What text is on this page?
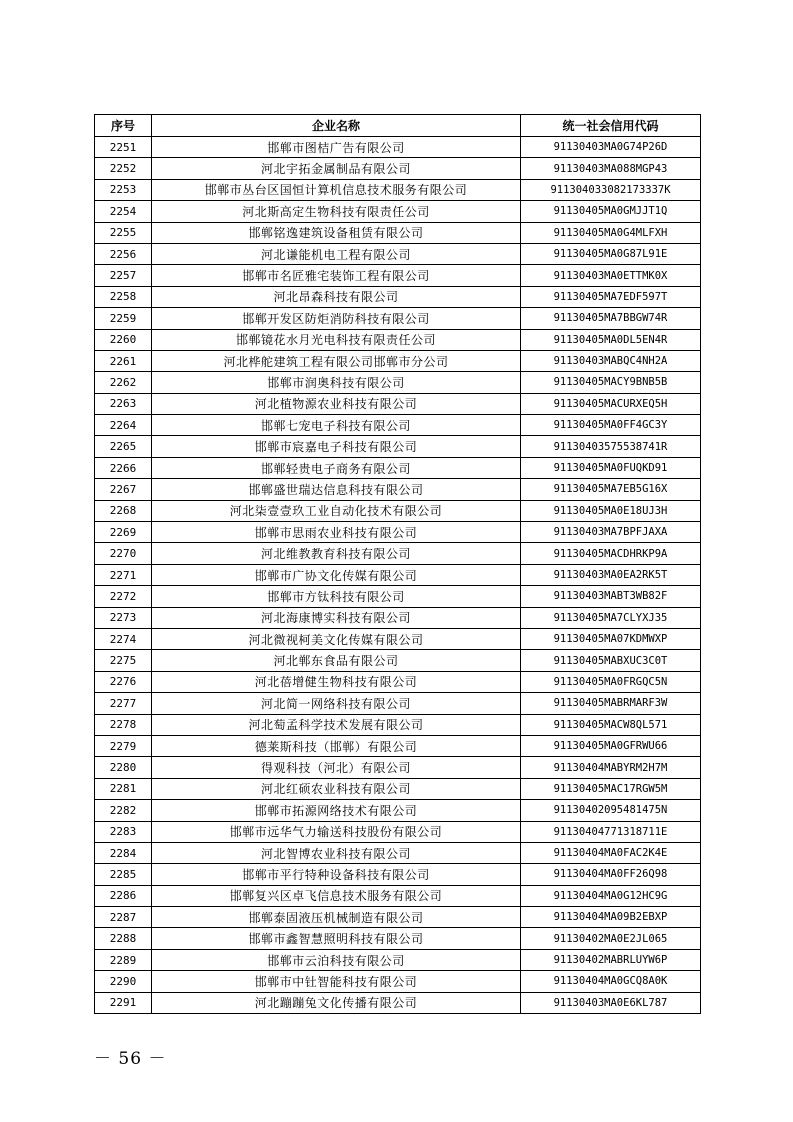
序号	企业名称	统一社会信用代码
2251	邯郸市图桔广告有限公司	91130403MA0G74P26D
2252	河北宇拓金属制品有限公司	91130403MA088MGP43
2253	邯郸市丛台区国恒计算机信息技术服务有限公司	911304033082173337K
2254	河北斯高定生物科技有限责任公司	91130405MA0GMJJT1Q
2255	邯郸铭逸建筑设备租赁有限公司	91130405MA0G4MLFXH
2256	河北谦能机电工程有限公司	91130405MA0G87L91E
2257	邯郸市名匠雅宅装饰工程有限公司	91130403MA0ETTMK0X
2258	河北昂森科技有限公司	91130405MA7EDF597T
2259	邯郸开发区防炬消防科技有限公司	91130405MA7BBGW74R
2260	邯郸镜花水月光电科技有限责任公司	91130405MA0DL5EN4R
2261	河北桦舵建筑工程有限公司邯郸市分公司	91130403MABQC4NH2A
2262	邯郸市润奥科技有限公司	91130405MACY9BNB5B
2263	河北植物源农业科技有限公司	91130405MACURXEQ5H
2264	邯郸七宠电子科技有限公司	91130405MA0FF4GC3Y
2265	邯郸市宸嘉电子科技有限公司	91130403575538741R
2266	邯郸轻贵电子商务有限公司	91130405MA0FUQKD91
2267	邯郸盛世瑞达信息科技有限公司	91130405MA7EB5G16X
2268	河北柒壹壹玖工业自动化技术有限公司	91130405MA0E18UJ3H
2269	邯郸市思雨农业科技有限公司	91130403MA7BPFJAXA
2270	河北维教教育科技有限公司	91130405MACDHRKP9A
2271	邯郸市广协文化传媒有限公司	91130403MA0EA2RK5T
2272	邯郸市方钛科技有限公司	91130403MABT3WB82F
2273	河北海康博实科技有限公司	91130405MA7CLYXJ35
2274	河北微视柯美文化传媒有限公司	91130405MA07KDMWXP
2275	河北郸东食品有限公司	91130405MABXUC3C0T
2276	河北蓓增健生物科技有限公司	91130405MA0FRGQC5N
2277	河北简一网络科技有限公司	91130405MABRMARF3W
2278	河北萄孟科学技术发展有限公司	91130405MACW8QL571
2279	德莱斯科技（邯郸）有限公司	91130405MA0GFRWU66
2280	得观科技（河北）有限公司	91130404MABYRM2H7M
2281	河北红硕农业科技有限公司	91130405MAC17RGW5M
2282	邯郸市拓源网络技术有限公司	91130402095481475N
2283	邯郸市远华气力输送科技股份有限公司	91130404771318711E
2284	河北智博农业科技有限公司	91130404MA0FAC2K4E
2285	邯郸市平行特种设备科技有限公司	91130404MA0FF26Q98
2286	邯郸复兴区卓飞信息技术服务有限公司	91130404MA0G12HC9G
2287	邯郸泰固液压机械制造有限公司	91130404MA09B2EBXP
2288	邯郸市鑫智慧照明科技有限公司	91130402MA0E2JL065
2289	邯郸市云泊科技有限公司	91130402MABRLUYW6P
2290	邯郸市中钍智能科技有限公司	91130404MA0GCQ8A0K
2291	河北蹦蹦兔文化传播有限公司	91130403MA0E6KL787
－ 56 －
